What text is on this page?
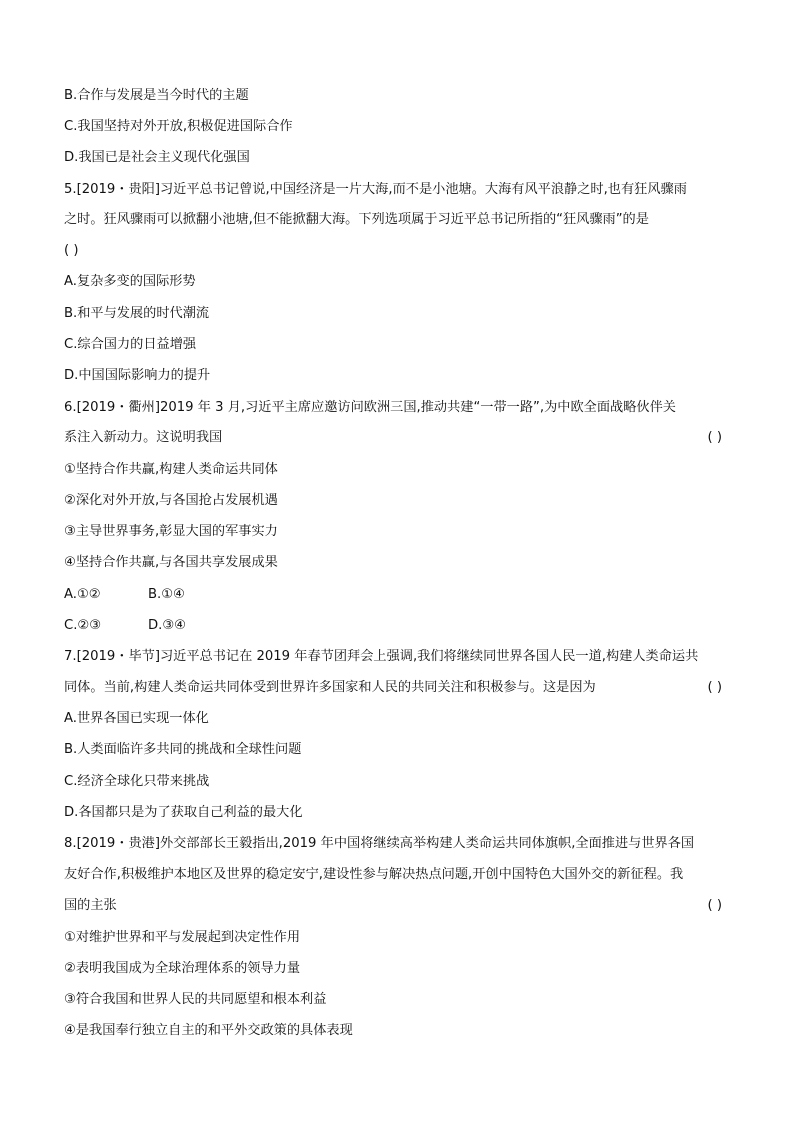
B.合作与发展是当今时代的主题
C.我国坚持对外开放,积极促进国际合作
D.我国已是社会主义现代化强国
5.[2019・贵阳]习近平总书记曾说,中国经济是一片大海,而不是小池塘。大海有风平浪静之时,也有狂风骤雨
之时。狂风骤雨可以掀翻小池塘,但不能掀翻大海。下列选项属于习近平总书记所指的“狂风骤雨”的是
( )
A.复杂多变的国际形势
B.和平与发展的时代潮流
C.综合国力的日益增强
D.中国国际影响力的提升
6.[2019・衢州]2019 年 3 月,习近平主席应邀访问欧洲三国,推动共建“一带一路”,为中欧全面战略伙伴关
系注入新动力。这说明我国	( )
①坚持合作共赢,构建人类命运共同体
②深化对外开放,与各国抢占发展机遇
③主导世界事务,彰显大国的军事实力
④坚持合作共赢,与各国共享发展成果
A.①②	B.①④
C.②③	D.③④
7.[2019・毕节]习近平总书记在 2019 年春节团拜会上强调,我们将继续同世界各国人民一道,构建人类命运共
同体。当前,构建人类命运共同体受到世界许多国家和人民的共同关注和积极参与。这是因为	( )
A.世界各国已实现一体化
B.人类面临许多共同的挑战和全球性问题
C.经济全球化只带来挑战
D.各国都只是为了获取自己利益的最大化
8.[2019・贵港]外交部部长王毅指出,2019 年中国将继续高举构建人类命运共同体旗帜,全面推进与世界各国
友好合作,积极维护本地区及世界的稳定安宁,建设性参与解决热点问题,开创中国特色大国外交的新征程。我
国的主张	( )
①对维护世界和平与发展起到决定性作用
②表明我国成为全球治理体系的领导力量
③符合我国和世界人民的共同愿望和根本利益
④是我国奉行独立自主的和平外交政策的具体表现
